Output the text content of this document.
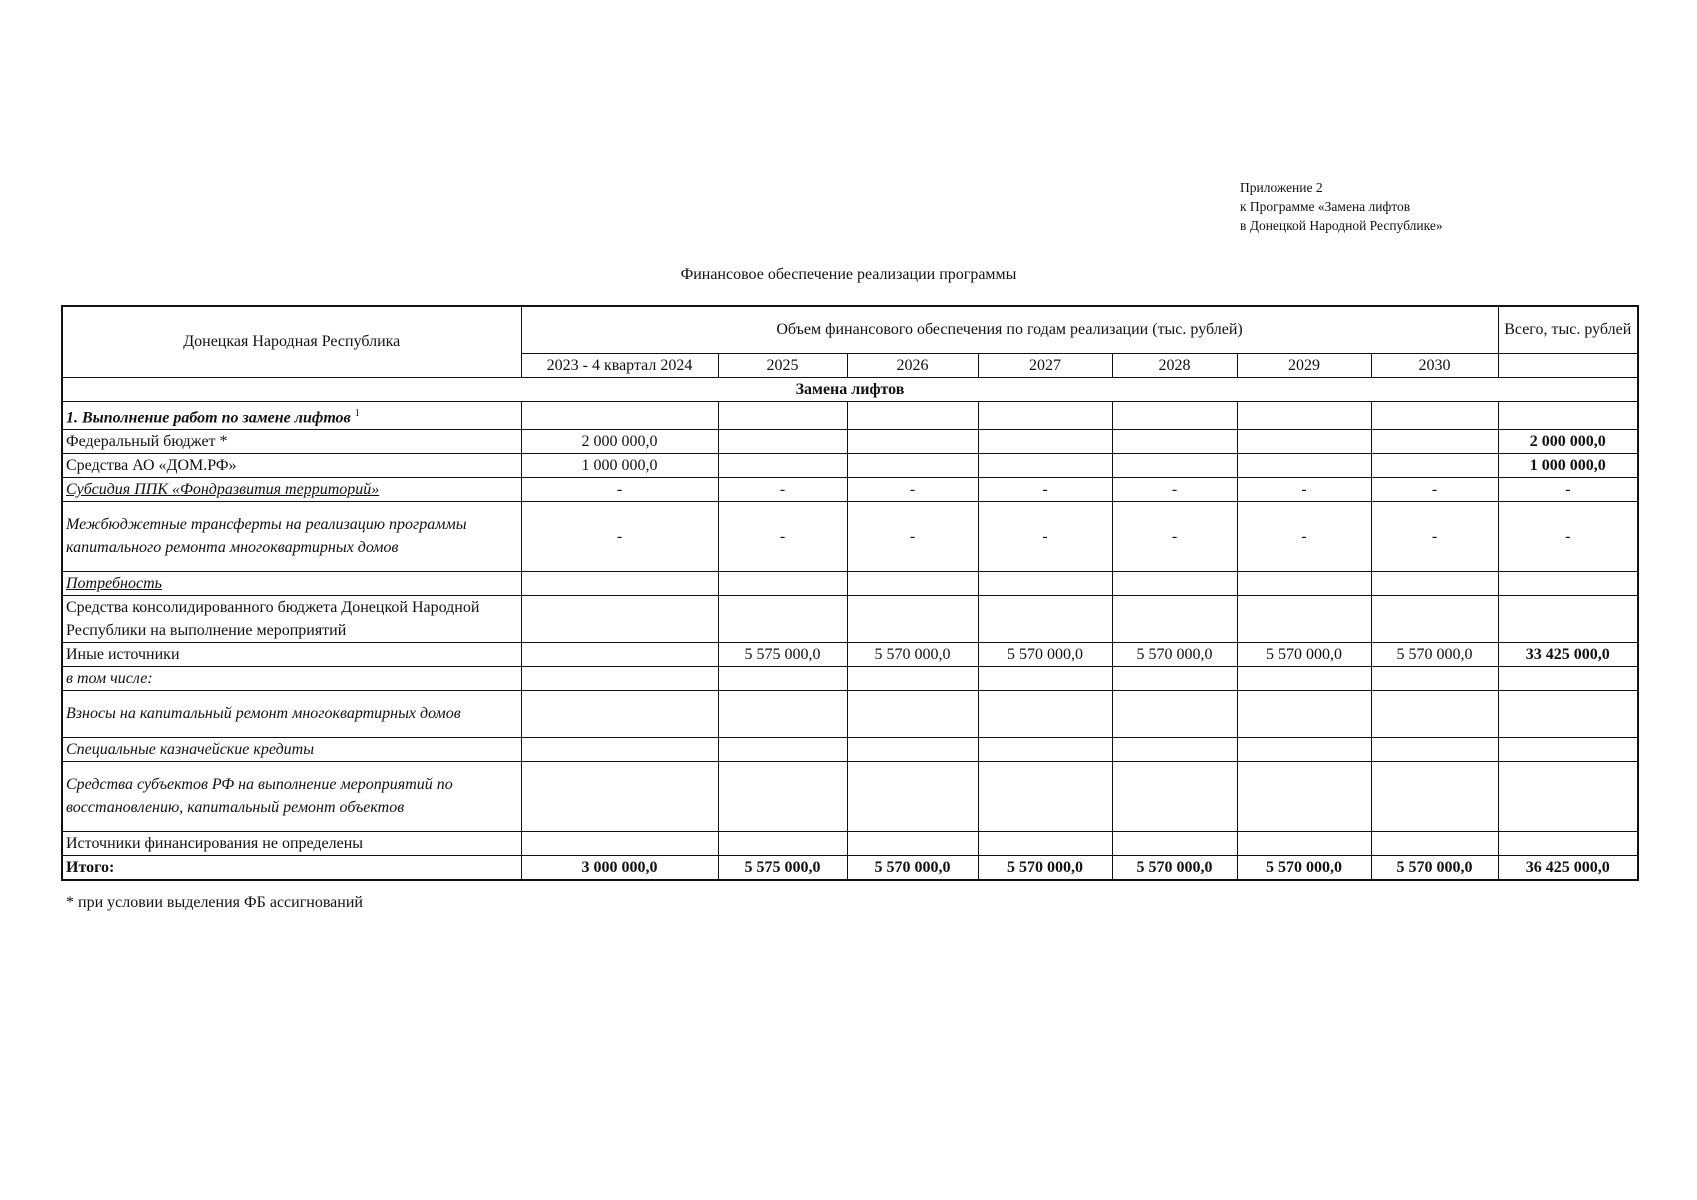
Приложение 2
к Программе «Замена лифтов
в Донецкой Народной Республике»
Финансовое обеспечение реализации программы
Донецкая Народная Республика	Объем финансового обеспечения по годам реализации (тыс. рублей)							Всего, тыс. рублей
	2023 - 4 квартал 2024	2025	2026	2027	2028	2029	2030	
Замена лифтов								
1. Выполнение работ по замене лифтов $^1$								
Федеральный бюджет *	2 000 000,0							2 000 000,0
Средства АО «ДОМ.РФ»	1 000 000,0							1 000 000,0
Субсидия ППК «Фондразвития территорий»	-	-	-	-	-	-	-	-
Межбюджетные трансферты на реализацию программы капитального ремонта многоквартирных домов	-	-	-	-	-	-	-	-
Потребность								
Средства консолидированного бюджета Донецкой Народной Республики на выполнение мероприятий								
Иные источники		5 575 000,0	5 570 000,0	5 570 000,0	5 570 000,0	5 570 000,0	5 570 000,0	33 425 000,0
в том числе:								
Взносы на капитальный ремонт многоквартирных домов								
Специальные казначейские кредиты								
Средства субъектов РФ на выполнение мероприятий по восстановлению, капитальный ремонт объектов								
Источники финансирования не определены								
Итого:	3 000 000,0	5 575 000,0	5 570 000,0	5 570 000,0	5 570 000,0	5 570 000,0	5 570 000,0	36 425 000,0
* при условии выделения ФБ ассигнований
